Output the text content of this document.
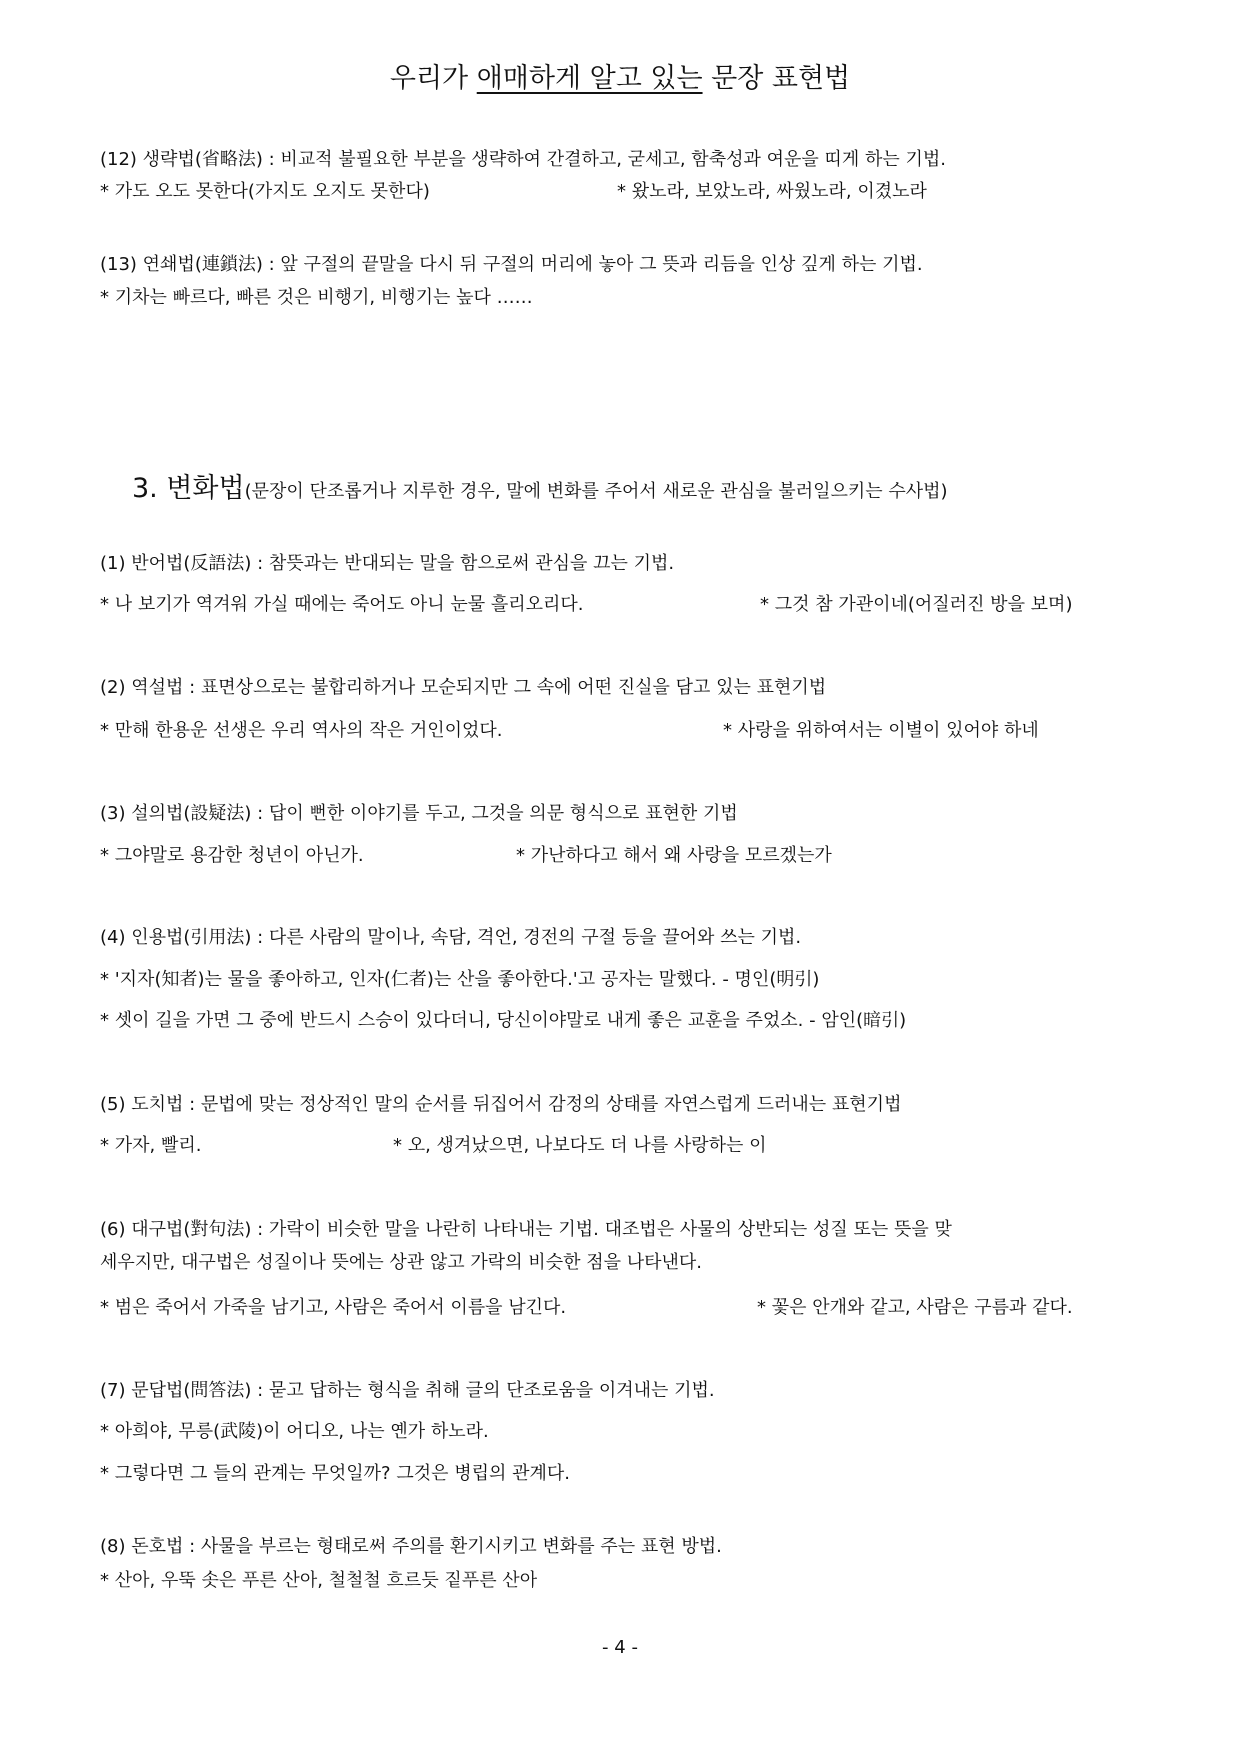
우리가 애매하게 알고 있는 문장 표현법
(12) 생략법(省略法) : 비교적 불필요한 부분을 생략하여 간결하고, 굳세고, 함축성과 여운을 띠게 하는 기법.
* 가도 오도 못한다(가지도 오지도 못한다)	* 왔노라, 보았노라, 싸웠노라, 이겼노라
(13) 연쇄법(連鎖法) : 앞 구절의 끝말을 다시 뒤 구절의 머리에 놓아 그 뜻과 리듬을 인상 깊게 하는 기법.
* 기차는 빠르다, 빠른 것은 비행기, 비행기는 높다 ……
3. 변화법(문장이 단조롭거나 지루한 경우, 말에 변화를 주어서 새로운 관심을 불러일으키는 수사법)
(1) 반어법(反語法) : 참뜻과는 반대되는 말을 함으로써 관심을 끄는 기법.
* 나 보기가 역겨워 가실 때에는 죽어도 아니 눈물 흘리오리다.	* 그것 참 가관이네(어질러진 방을 보며)
(2) 역설법 : 표면상으로는 불합리하거나 모순되지만 그 속에 어떤 진실을 담고 있는 표현기법
* 만해 한용운 선생은 우리 역사의 작은 거인이었다.	* 사랑을 위하여서는 이별이 있어야 하네
(3) 설의법(設疑法) : 답이 뻔한 이야기를 두고, 그것을 의문 형식으로 표현한 기법
* 그야말로 용감한 청년이 아닌가.	* 가난하다고 해서 왜 사랑을 모르겠는가
(4) 인용법(引用法) : 다른 사람의 말이나, 속담, 격언, 경전의 구절 등을 끌어와 쓰는 기법.
* '지자(知者)는 물을 좋아하고, 인자(仁者)는 산을 좋아한다.'고 공자는 말했다. - 명인(明引)
* 셋이 길을 가면 그 중에 반드시 스승이 있다더니, 당신이야말로 내게 좋은 교훈을 주었소. - 암인(暗引)
(5) 도치법 : 문법에 맞는 정상적인 말의 순서를 뒤집어서 감정의 상태를 자연스럽게 드러내는 표현기법
* 가자, 빨리.	* 오, 생겨났으면, 나보다도 더 나를 사랑하는 이
(6) 대구법(對句法) : 가락이 비슷한 말을 나란히 나타내는 기법. 대조법은 사물의 상반되는 성질 또는 뜻을 맞
세우지만, 대구법은 성질이나 뜻에는 상관 않고 가락의 비슷한 점을 나타낸다.
* 범은 죽어서 가죽을 남기고, 사람은 죽어서 이름을 남긴다.	* 꽃은 안개와 같고, 사람은 구름과 같다.
(7) 문답법(問答法) : 묻고 답하는 형식을 취해 글의 단조로움을 이겨내는 기법.
* 아희야, 무릉(武陵)이 어디오, 나는 옌가 하노라.
* 그렇다면 그 들의 관계는 무엇일까? 그것은 병립의 관계다.
(8) 돈호법 : 사물을 부르는 형태로써 주의를 환기시키고 변화를 주는 표현 방법.
* 산아, 우뚝 솟은 푸른 산아, 철철철 흐르듯 짙푸른 산아
- 4 -
